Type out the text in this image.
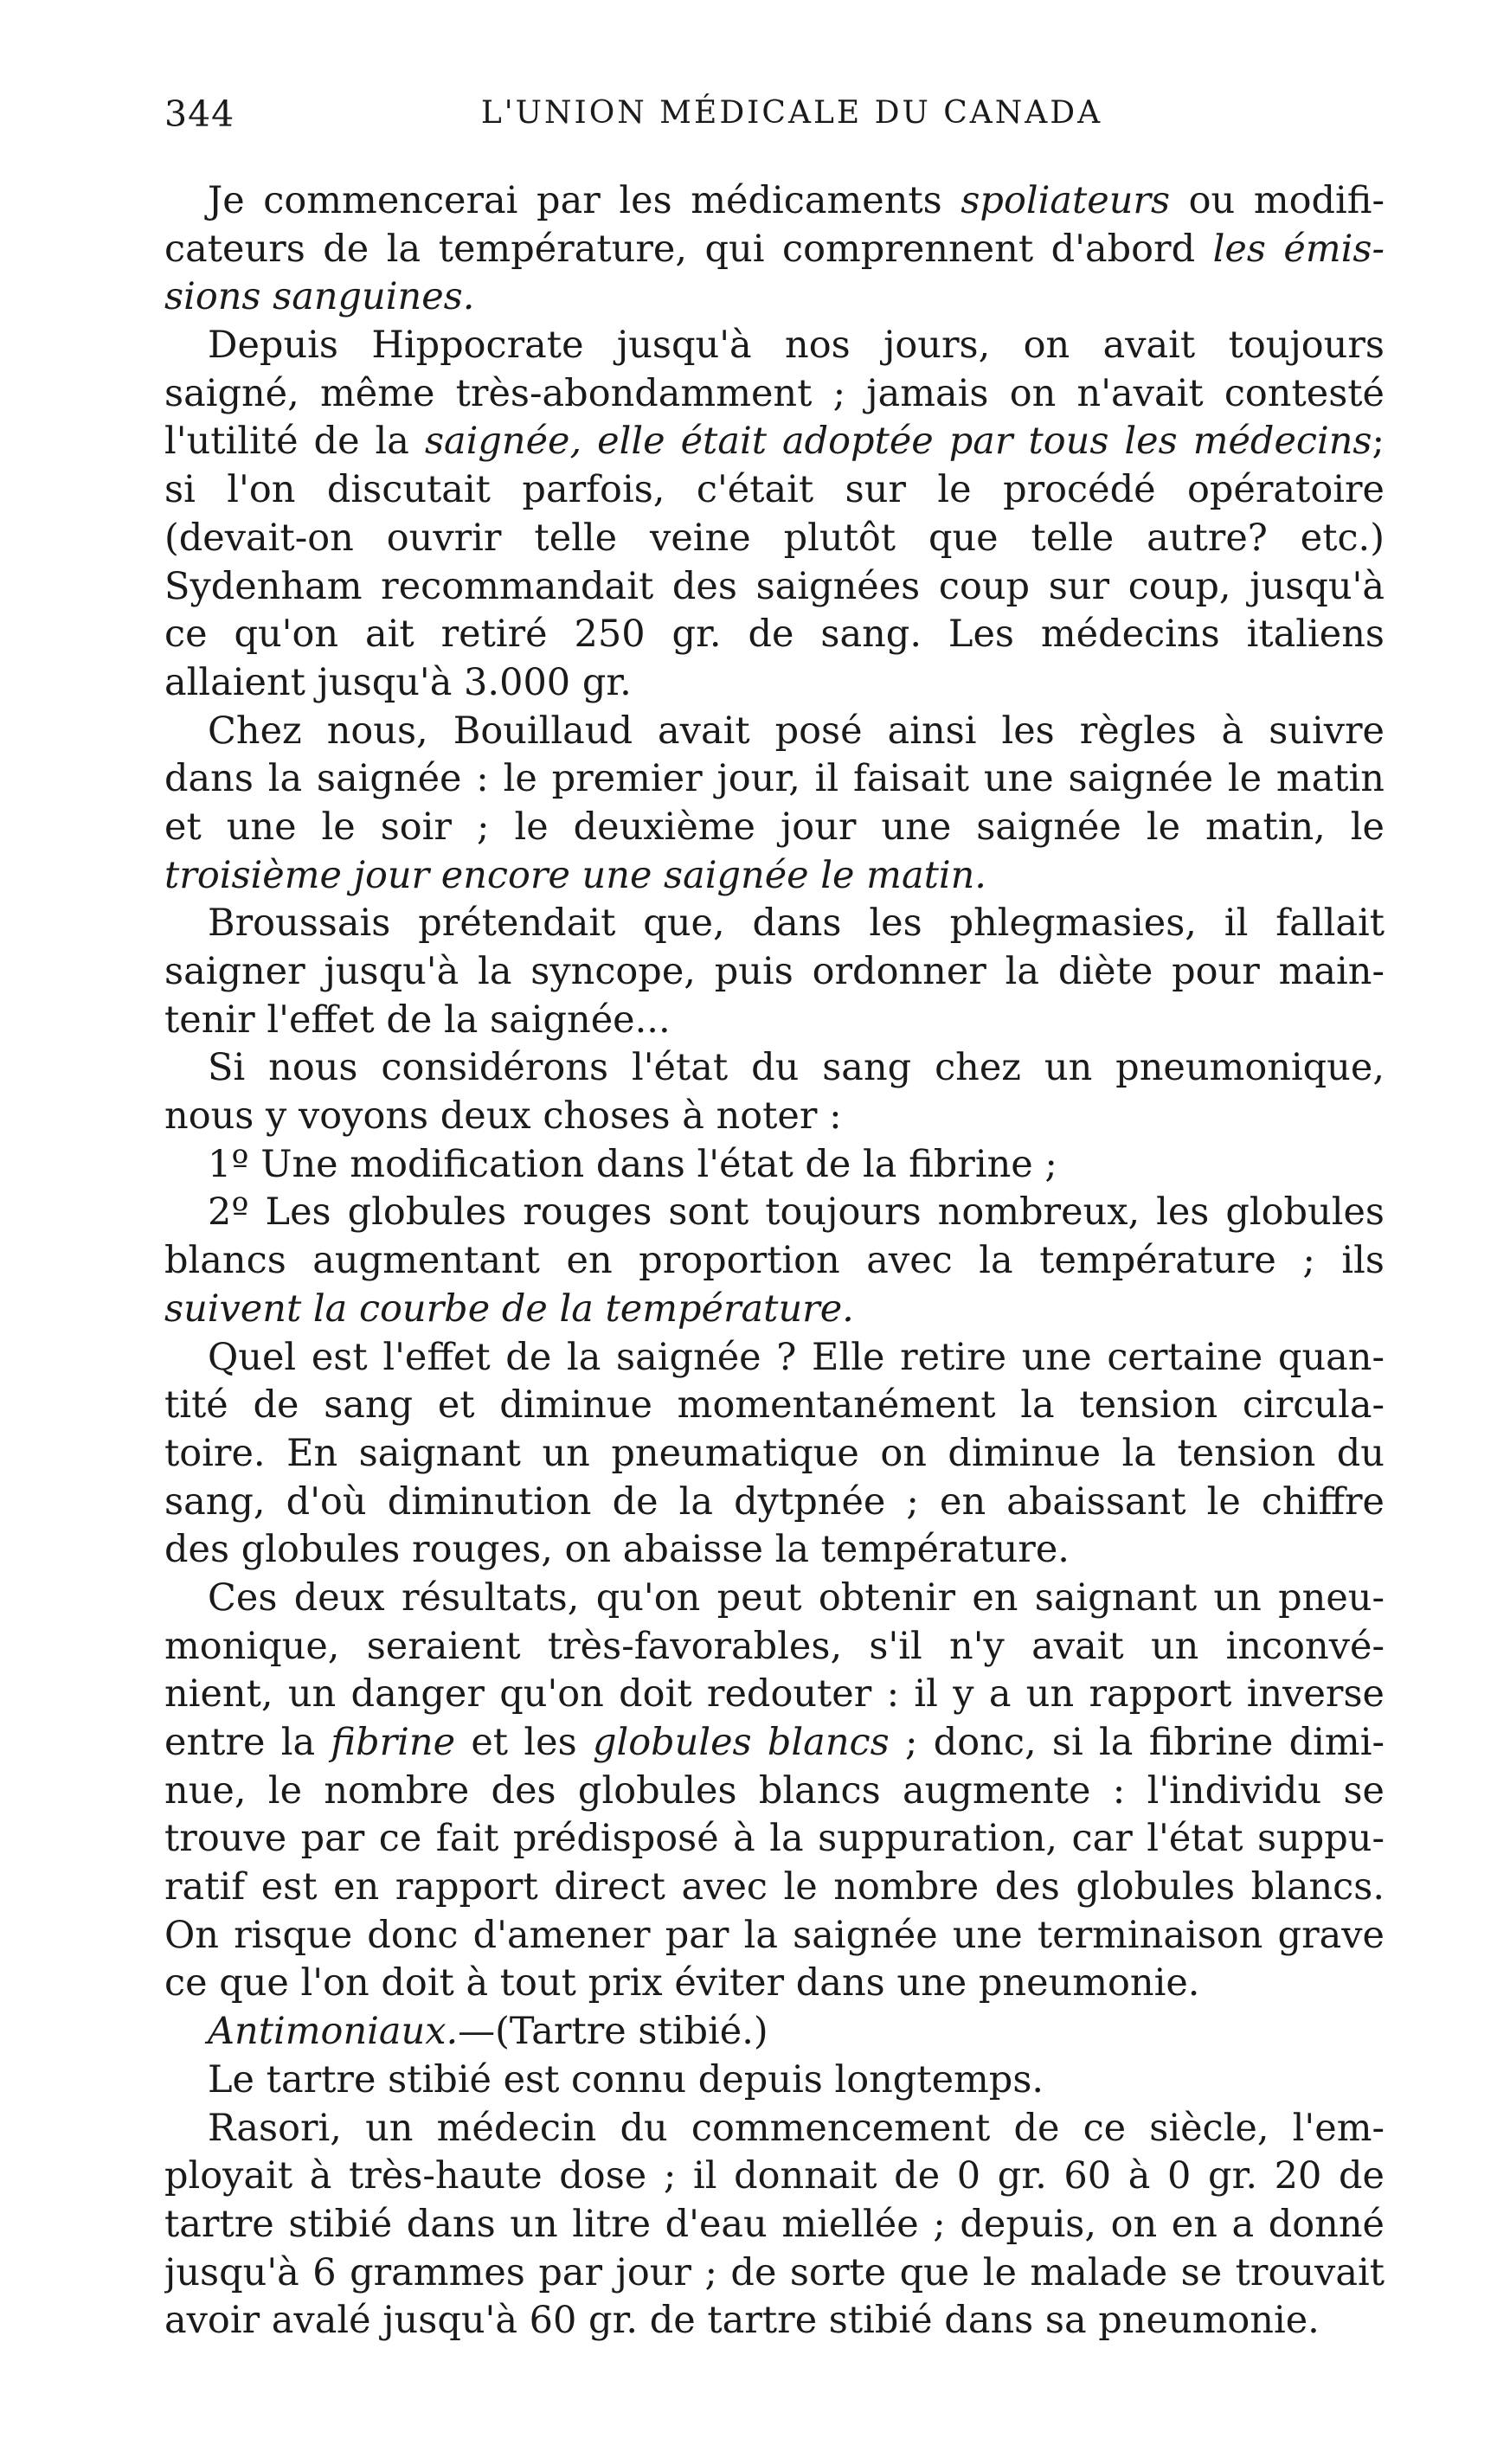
344	L'UNION MÉDICALE DU CANADA
Je commencerai par les médicaments spoliateurs ou modifi-
cateurs de la température, qui comprennent d'abord les émis-
sions sanguines.
Depuis Hippocrate jusqu'à nos jours, on avait toujours
saigné, même très-abondamment ; jamais on n'avait contesté
l'utilité de la saignée, elle était adoptée par tous les médecins;
si l'on discutait parfois, c'était sur le procédé opératoire
(devait-on ouvrir telle veine plutôt que telle autre? etc.)
Sydenham recommandait des saignées coup sur coup, jusqu'à
ce qu'on ait retiré 250 gr. de sang. Les médecins italiens
allaient jusqu'à 3.000 gr.
Chez nous, Bouillaud avait posé ainsi les règles à suivre
dans la saignée : le premier jour, il faisait une saignée le matin
et une le soir ; le deuxième jour une saignée le matin, le
troisième jour encore une saignée le matin.
Broussais prétendait que, dans les phlegmasies, il fallait
saigner jusqu'à la syncope, puis ordonner la diète pour main-
tenir l'effet de la saignée...
Si nous considérons l'état du sang chez un pneumonique,
nous y voyons deux choses à noter :
1º Une modification dans l'état de la fibrine ;
2º Les globules rouges sont toujours nombreux, les globules
blancs augmentant en proportion avec la température ; ils
suivent la courbe de la température.
Quel est l'effet de la saignée ? Elle retire une certaine quan-
tité de sang et diminue momentanément la tension circula-
toire. En saignant un pneumatique on diminue la tension du
sang, d'où diminution de la dytpnée ; en abaissant le chiffre
des globules rouges, on abaisse la température.
Ces deux résultats, qu'on peut obtenir en saignant un pneu-
monique, seraient très-favorables, s'il n'y avait un inconvé-
nient, un danger qu'on doit redouter : il y a un rapport inverse
entre la fibrine et les globules blancs ; donc, si la fibrine dimi-
nue, le nombre des globules blancs augmente : l'individu se
trouve par ce fait prédisposé à la suppuration, car l'état suppu-
ratif est en rapport direct avec le nombre des globules blancs.
On risque donc d'amener par la saignée une terminaison grave
ce que l'on doit à tout prix éviter dans une pneumonie.
Antimoniaux.—(Tartre stibié.)
Le tartre stibié est connu depuis longtemps.
Rasori, un médecin du commencement de ce siècle, l'em-
ployait à très-haute dose ; il donnait de 0 gr. 60 à 0 gr. 20 de
tartre stibié dans un litre d'eau miellée ; depuis, on en a donné
jusqu'à 6 grammes par jour ; de sorte que le malade se trouvait
avoir avalé jusqu'à 60 gr. de tartre stibié dans sa pneumonie.
